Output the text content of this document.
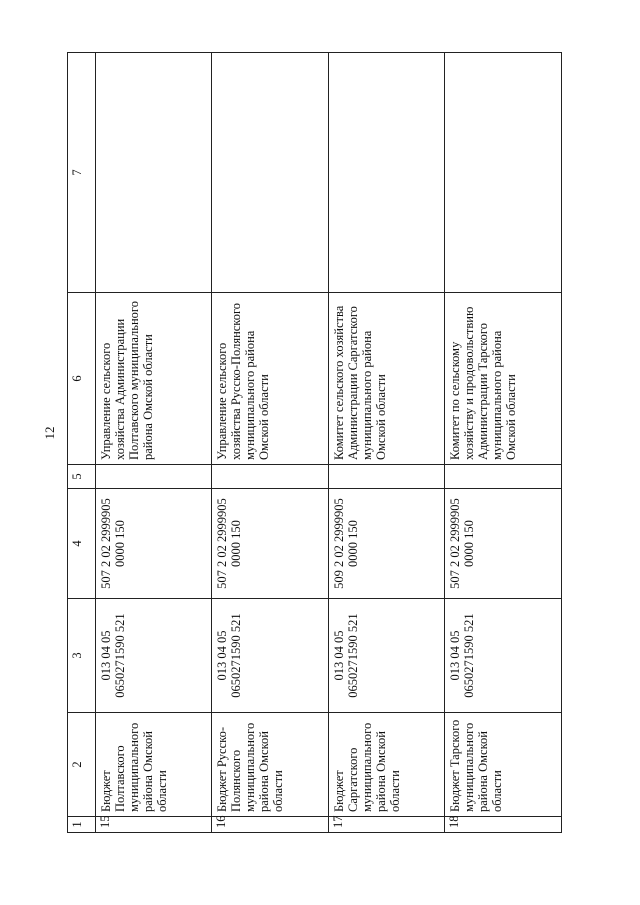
12
1	2	3	4	5	6	7
15	Бюджет Полтавского муниципального района Омской области	013 04 05 0650271590 521	507 2 02 2999905 0000 150		Управление сельского хозяйства Администрации Полтавского муниципального района Омской области	
16	Бюджет Русско-Полянского муниципального района Омской области	013 04 05 0650271590 521	507 2 02 2999905 0000 150		Управление сельского хозяйства Русско-Полянского муниципального района Омской области	
17	Бюджет Саргатского муниципального района Омской области	013 04 05 0650271590 521	509 2 02 2999905 0000 150		Комитет сельского хозяйства Администрации Саргатского муниципального района Омской области	
18	Бюджет Тарского муниципального района Омской области	013 04 05 0650271590 521	507 2 02 2999905 0000 150		Комитет по сельскому хозяйству и продовольствию Администрации Тарского муниципального района Омской области	
